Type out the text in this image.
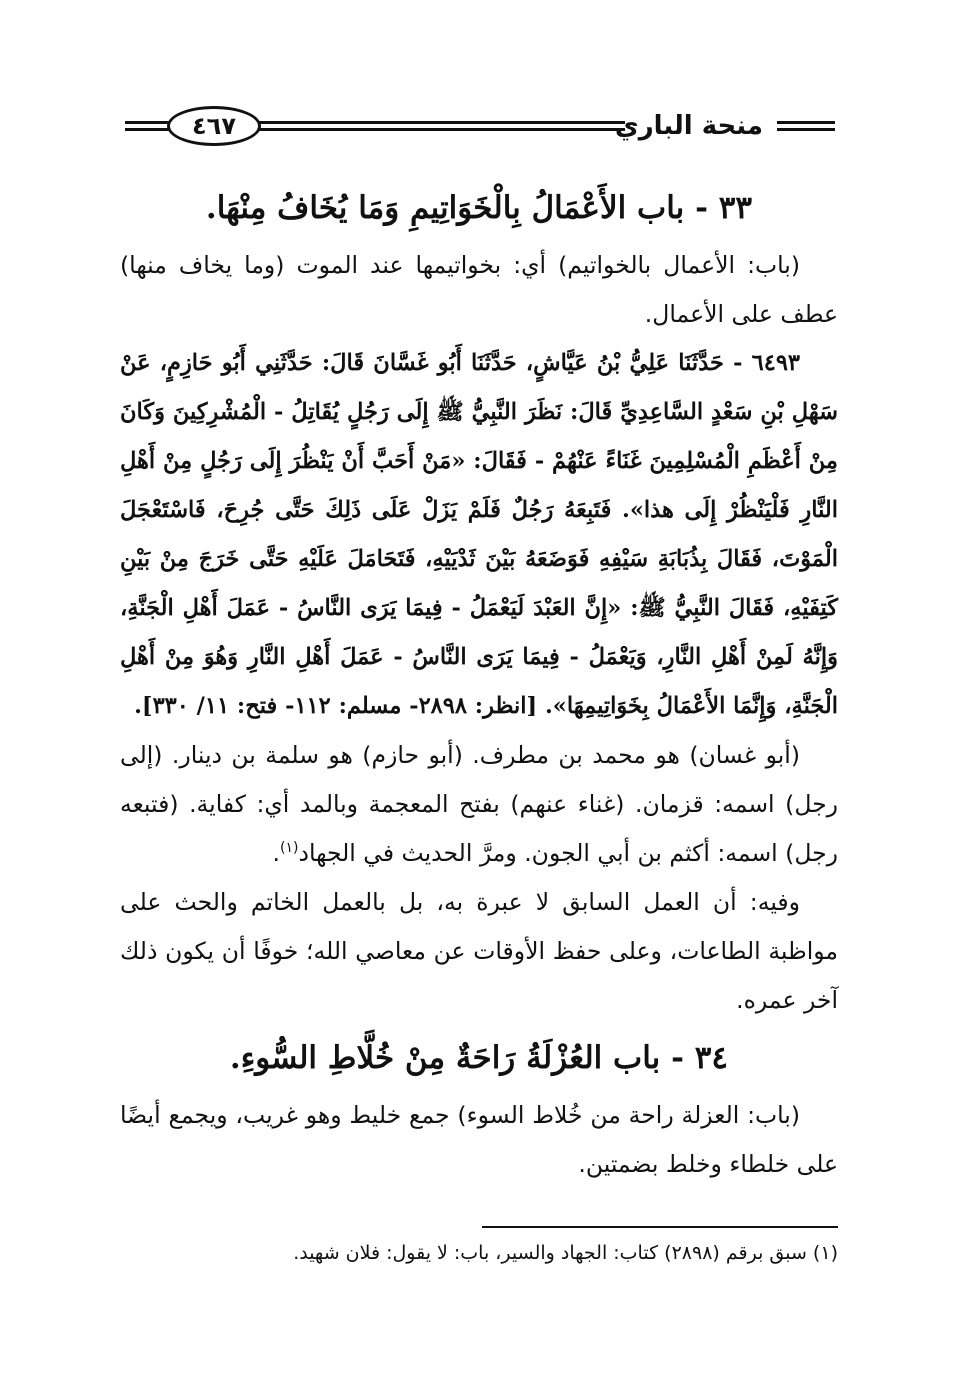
٤٦٧	منحة الباري
٣٣ - باب الأَعْمَالُ بِالْخَوَاتِيمِ وَمَا يُخَافُ مِنْهَا.

(باب: الأعمال بالخواتيم) أي: بخواتيمها عند الموت (وما يخاف منها) عطف على الأعمال.

٦٤٩٣ - حَدَّثَنَا عَلِيُّ بْنُ عَيَّاشٍ، حَدَّثَنَا أَبُو غَسَّانَ قَالَ: حَدَّثَنِي أَبُو حَازِمٍ، عَنْ سَهْلِ بْنِ سَعْدٍ السَّاعِدِيِّ قَالَ: نَظَرَ النَّبِيُّ ﷺ إِلَى رَجُلٍ يُقَاتِلُ - الْمُشْرِكِينَ وَكَانَ مِنْ أَعْظَمِ الْمُسْلِمِينَ غَنَاءً عَنْهُمْ - فَقَالَ: «مَنْ أَحَبَّ أَنْ يَنْظُرَ إِلَى رَجُلٍ مِنْ أَهْلِ النَّارِ فَلْيَنْظُرْ إِلَى هذا». فَتَبِعَهُ رَجُلٌ فَلَمْ يَزَلْ عَلَى ذَلِكَ حَتَّى جُرِحَ، فَاسْتَعْجَلَ الْمَوْتَ، فَقَالَ بِذُبَابَةِ سَيْفِهِ فَوَضَعَهُ بَيْنَ ثَدْيَيْهِ، فَتَحَامَلَ عَلَيْهِ حَتَّى خَرَجَ مِنْ بَيْنِ كَتِفَيْهِ، فَقَالَ النَّبِيُّ ﷺ: «إِنَّ العَبْدَ لَيَعْمَلُ - فِيمَا يَرَى النَّاسُ - عَمَلَ أَهْلِ الْجَنَّةِ، وَإِنَّهُ لَمِنْ أَهْلِ النَّارِ، وَيَعْمَلُ - فِيمَا يَرَى النَّاسُ - عَمَلَ أَهْلِ النَّارِ وَهُوَ مِنْ أَهْلِ الْجَنَّةِ، وَإِنَّمَا الأَعْمَالُ بِخَوَاتِيمِهَا». [انظر: ٢٨٩٨- مسلم: ١١٢- فتح: ١١/ ٣٣٠].

(أبو غسان) هو محمد بن مطرف. (أبو حازم) هو سلمة بن دينار. (إلى رجل) اسمه: قزمان. (غناء عنهم) بفتح المعجمة وبالمد أي: كفاية. (فتبعه رجل) اسمه: أكثم بن أبي الجون. ومرَّ الحديث في الجهاد$^{(١)}$.

وفيه: أن العمل السابق لا عبرة به، بل بالعمل الخاتم والحث على مواظبة الطاعات، وعلى حفظ الأوقات عن معاصي الله؛ خوفًا أن يكون ذلك آخر عمره.

٣٤ - باب العُزْلَةُ رَاحَةٌ مِنْ خُلَّاطِ السُّوءِ.

(باب: العزلة راحة من خُلاط السوء) جمع خليط وهو غريب، ويجمع أيضًا على خلطاء وخلط بضمتين.

(١) سبق برقم (٢٨٩٨) كتاب: الجهاد والسير، باب: لا يقول: فلان شهيد.
